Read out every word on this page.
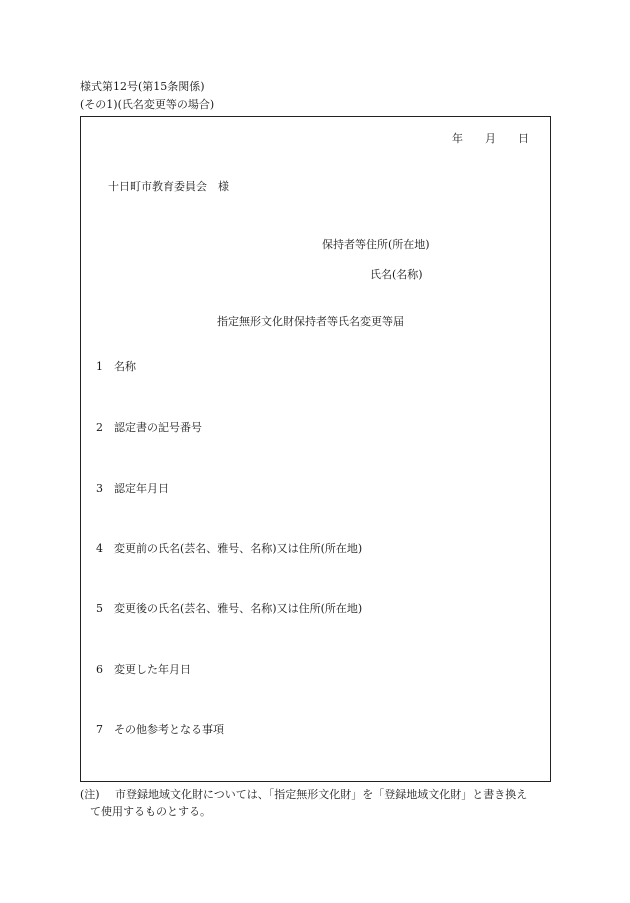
様式第12号(第15条関係)
(その1)(氏名変更等の場合)
年 月 日
十日町市教育委員会　様
保持者等住所(所在地)
氏名(名称)
指定無形文化財保持者等氏名変更等届
1 名称
2 認定書の記号番号
3 認定年月日
4 変更前の氏名(芸名、雅号、名称)又は住所(所在地)
5 変更後の氏名(芸名、雅号、名称)又は住所(所在地)
6 変更した年月日
7 その他参考となる事項
(注) 市登録地域文化財については、「指定無形文化財」を「登録地域文化財」と書き換え
て使用するものとする。
